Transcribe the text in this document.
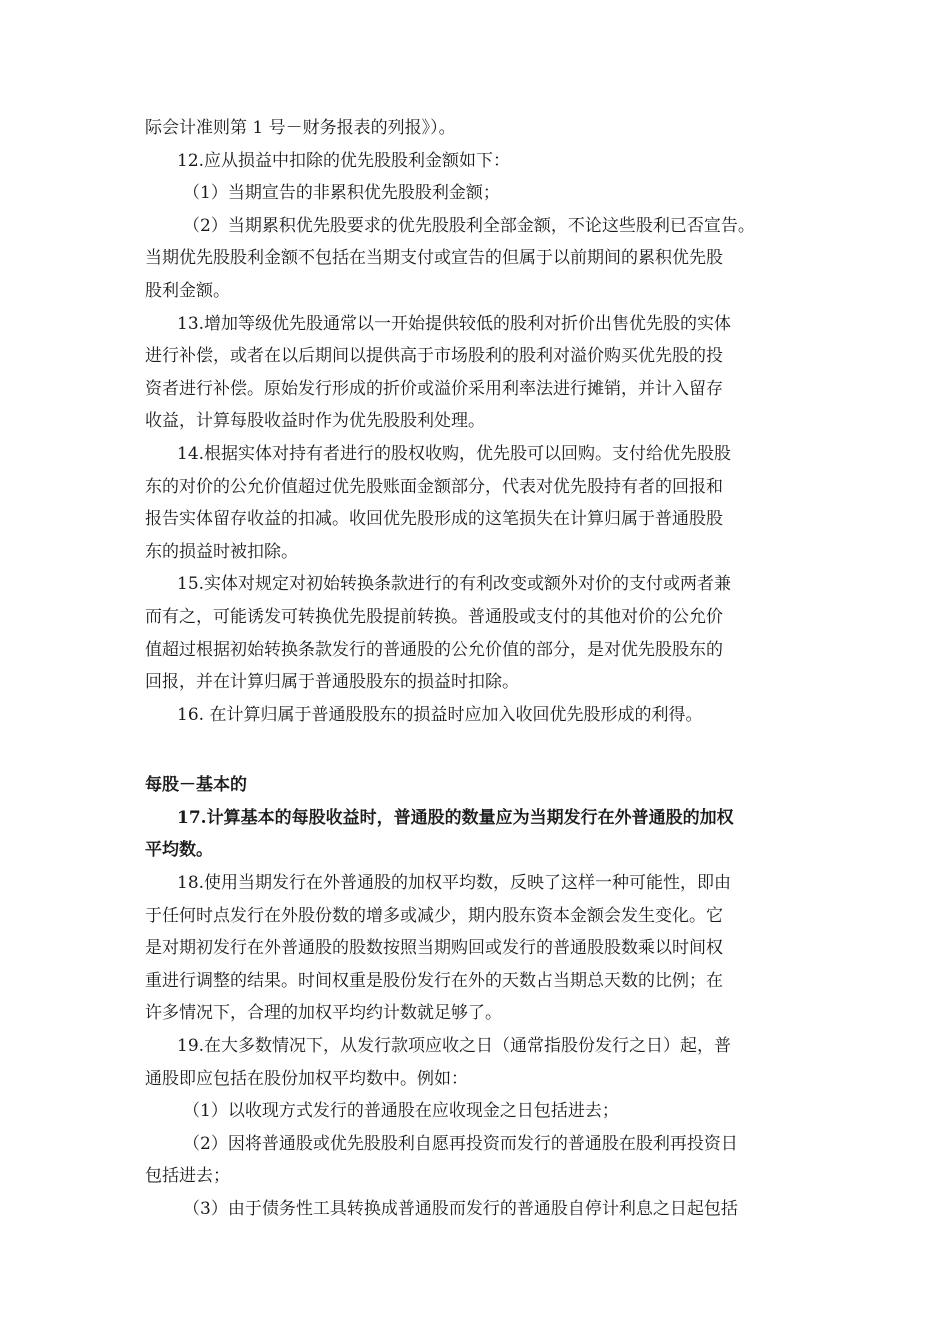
际会计准则第 1 号－财务报表的列报》）。
12.应从损益中扣除的优先股股利金额如下：
（1）当期宣告的非累积优先股股利金额；
（2）当期累积优先股要求的优先股股利全部金额，不论这些股利已否宣告。
当期优先股股利金额不包括在当期支付或宣告的但属于以前期间的累积优先股
股利金额。
13.增加等级优先股通常以一开始提供较低的股利对折价出售优先股的实体
进行补偿，或者在以后期间以提供高于市场股利的股利对溢价购买优先股的投
资者进行补偿。原始发行形成的折价或溢价采用利率法进行摊销，并计入留存
收益，计算每股收益时作为优先股股利处理。
14.根据实体对持有者进行的股权收购，优先股可以回购。支付给优先股股
东的对价的公允价值超过优先股账面金额部分，代表对优先股持有者的回报和
报告实体留存收益的扣减。收回优先股形成的这笔损失在计算归属于普通股股
东的损益时被扣除。
15.实体对规定对初始转换条款进行的有利改变或额外对价的支付或两者兼
而有之，可能诱发可转换优先股提前转换。普通股或支付的其他对价的公允价
值超过根据初始转换条款发行的普通股的公允价值的部分，是对优先股股东的
回报，并在计算归属于普通股股东的损益时扣除。
16. 在计算归属于普通股股东的损益时应加入收回优先股形成的利得。
每股－基本的
17.计算基本的每股收益时，普通股的数量应为当期发行在外普通股的加权
平均数。
18.使用当期发行在外普通股的加权平均数，反映了这样一种可能性，即由
于任何时点发行在外股份数的增多或减少，期内股东资本金额会发生变化。它
是对期初发行在外普通股的股数按照当期购回或发行的普通股股数乘以时间权
重进行调整的结果。时间权重是股份发行在外的天数占当期总天数的比例；在
许多情况下，合理的加权平均约计数就足够了。
19.在大多数情况下，从发行款项应收之日（通常指股份发行之日）起，普
通股即应包括在股份加权平均数中。例如：
（1）以收现方式发行的普通股在应收现金之日包括进去；
（2）因将普通股或优先股股利自愿再投资而发行的普通股在股利再投资日
包括进去；
（3）由于债务性工具转换成普通股而发行的普通股自停计利息之日起包括
